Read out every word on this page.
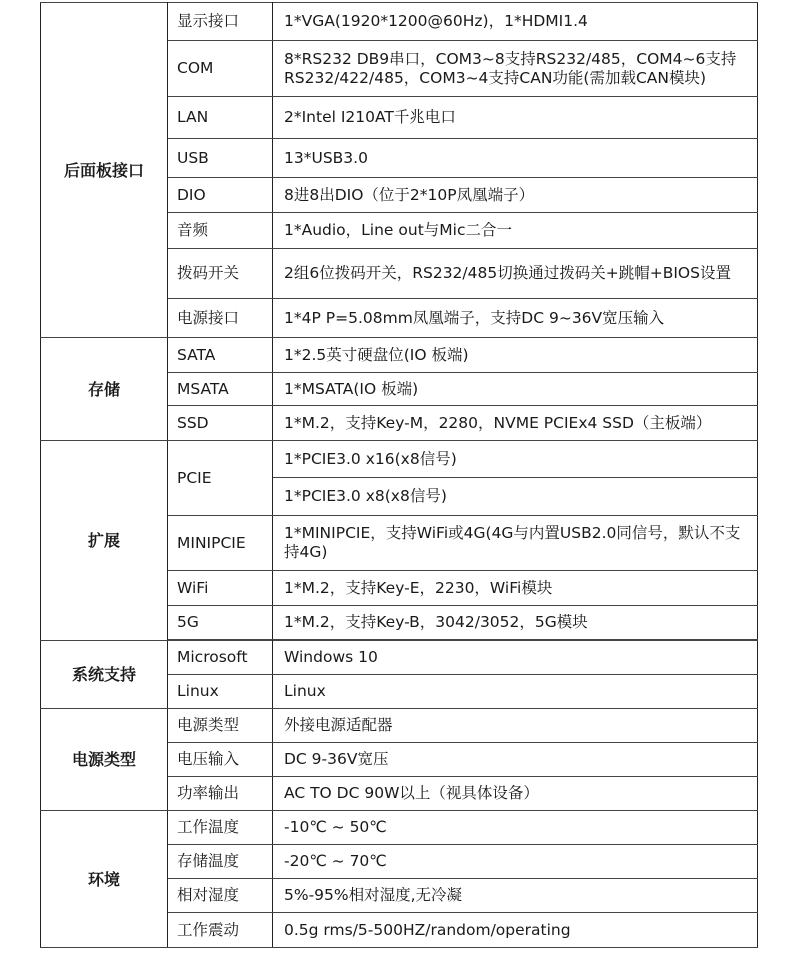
后面板接口	显示接口	1*VGA(1920*1200@60Hz)，1*HDMI1.4
	COM	8*RS232 DB9串口，COM3~8支持RS232/485，COM4~6支持RS232/422/485，COM3~4支持CAN功能(需加载CAN模块)
	LAN	2*Intel I210AT千兆电口
	USB	13*USB3.0
	DIO	8进8出DIO（位于2*10P凤凰端子）
	音频	1*Audio，Line out与Mic二合一
	拨码开关	2组6位拨码开关，RS232/485切换通过拨码关+跳帽+BIOS设置
	电源接口	1*4P P=5.08mm凤凰端子，支持DC 9~36V宽压输入
存储	SATA	1*2.5英寸硬盘位(IO 板端)
	MSATA	1*MSATA(IO 板端)
	SSD	1*M.2，支持Key-M，2280，NVME PCIEx4 SSD（主板端）
扩展	PCIE	1*PCIE3.0 x16(x8信号)
		1*PCIE3.0 x8(x8信号)
	MINIPCIE	1*MINIPCIE，支持WiFi或4G(4G与内置USB2.0同信号，默认不支持4G)
	WiFi	1*M.2，支持Key-E，2230，WiFi模块
	5G	1*M.2，支持Key-B，3042/3052，5G模块

系统支持	Microsoft	Windows 10
	Linux	Linux
电源类型	电源类型	外接电源适配器
	电压输入	DC 9-36V宽压
	功率输出	AC TO DC 90W以上（视具体设备）
环境	工作温度	-10℃ ~ 50℃
	存储温度	-20℃ ~ 70℃
	相对湿度	5%-95%相对湿度,无冷凝
	工作震动	0.5g rms/5-500HZ/random/operating
